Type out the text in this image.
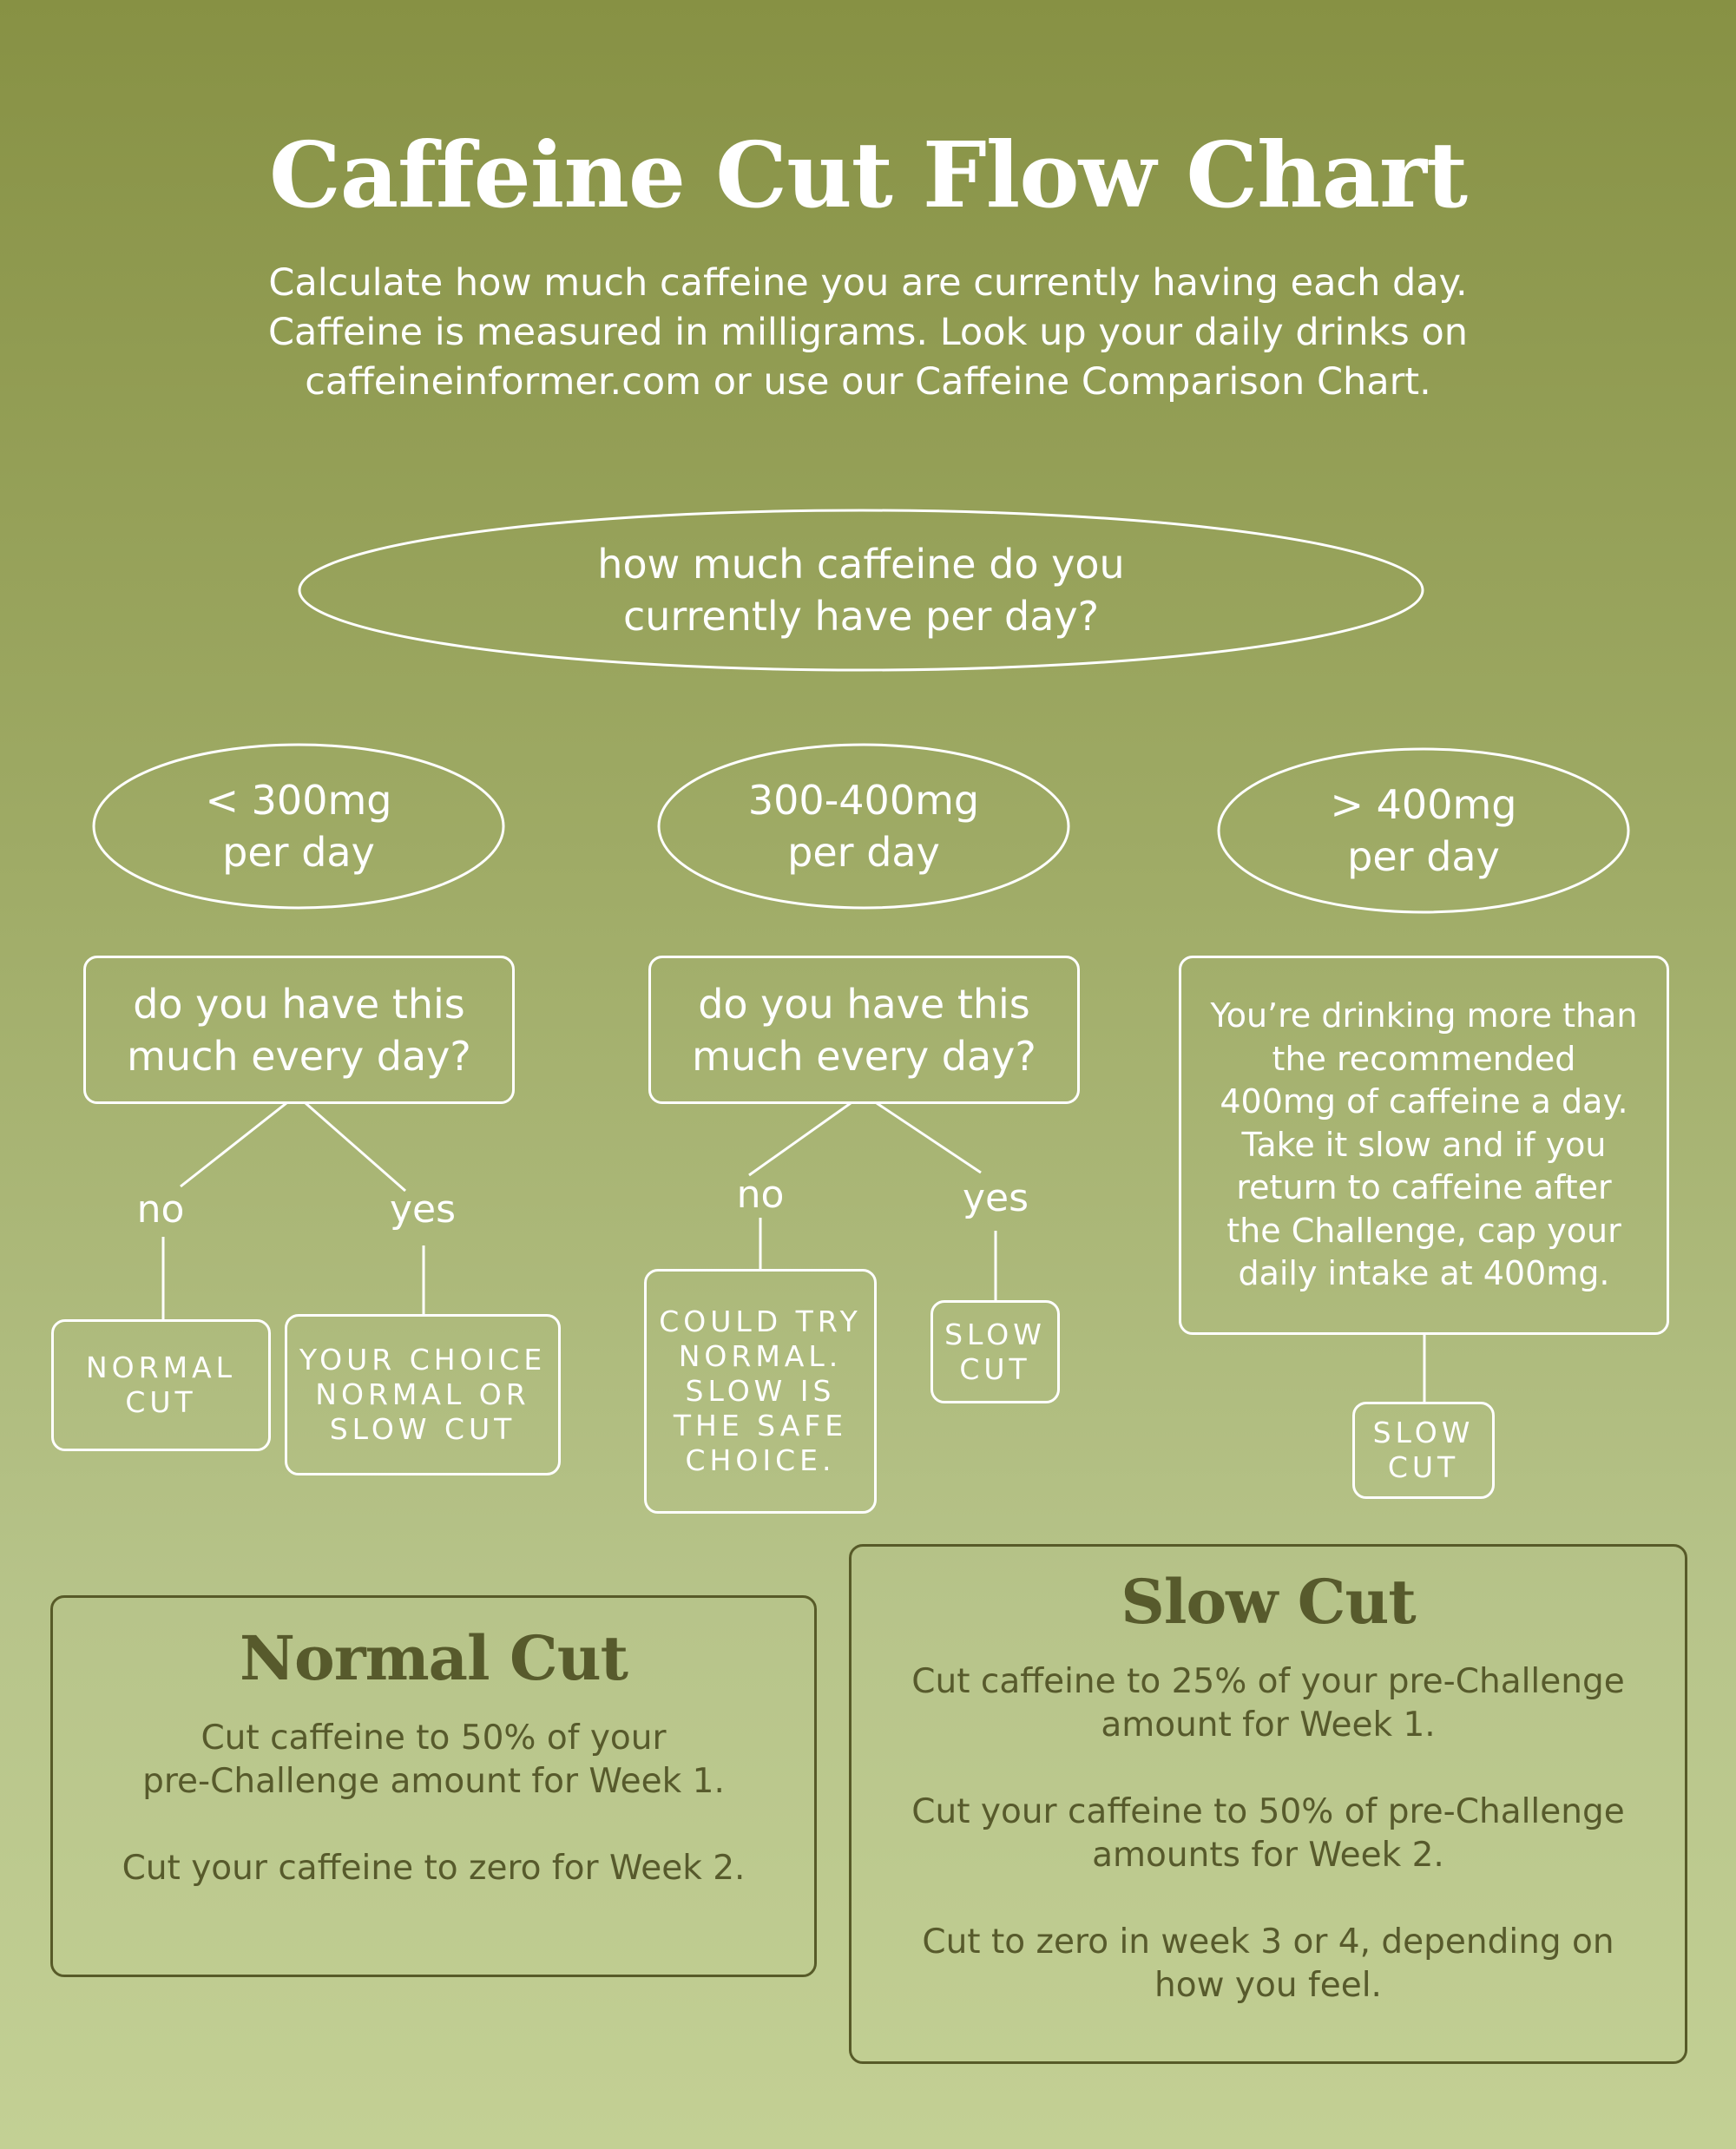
Caffeine Cut Flow Chart
Calculate how much caffeine you are currently having each day.
Caffeine is measured in milligrams. Look up your daily drinks on
caffeineinformer.com or use our Caffeine Comparison Chart.
how much caffeine do you
currently have per day?
< 300mg
per day
300-400mg
per day
> 400mg
per day
do you have this
much every day?
do you have this
much every day?
You’re drinking more than
the recommended
400mg of caffeine a day.
Take it slow and if you
return to caffeine after
the Challenge, cap your
daily intake at 400mg.
no	yes	no	yes
NORMAL
CUT
YOUR CHOICE
NORMAL OR
SLOW CUT
COULD TRY
NORMAL.
SLOW IS
THE SAFE
CHOICE.
SLOW
CUT
SLOW
CUT
Normal Cut

Cut caffeine to 50% of your

pre-Challenge amount for Week 1.

Cut your caffeine to zero for Week 2.

Slow Cut

Cut caffeine to 25% of your pre-Challenge

amount for Week 1.

Cut your caffeine to 50% of pre-Challenge

amounts for Week 2.

Cut to zero in week 3 or 4, depending on

how you feel.
